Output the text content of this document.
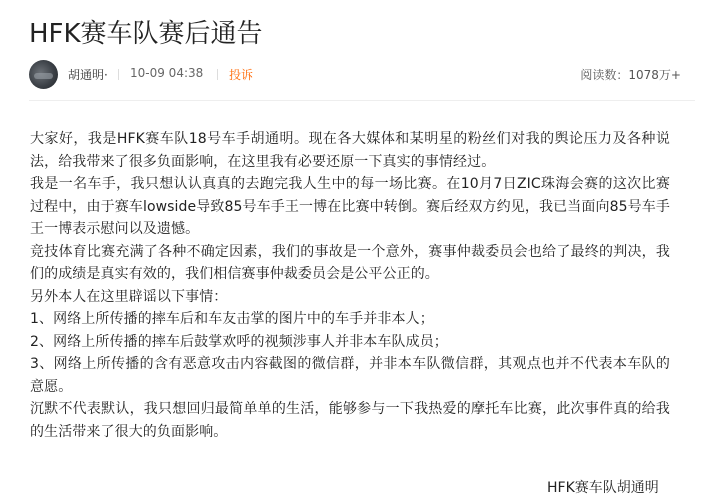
HFK赛车队赛后通告
胡通明· 10-09 04:38 投诉	阅读数：1078万+

大家好，我是HFK赛车队18号车手胡通明。现在各大媒体和某明星的粉丝们对我的舆论压力及各种说法，给我带来了很多负面影响，在这里我有必要还原一下真实的事情经过。

我是一名车手，我只想认认真真的去跑完我人生中的每一场比赛。在10月7日ZIC珠海会赛的这次比赛过程中，由于赛车lowside导致85号车手王一博在比赛中转倒。赛后经双方约见，我已当面向85号车手王一博表示慰问以及遗憾。

竞技体育比赛充满了各种不确定因素，我们的事故是一个意外，赛事仲裁委员会也给了最终的判决，我们的成绩是真实有效的，我们相信赛事仲裁委员会是公平公正的。

另外本人在这里辟谣以下事情：

1、网络上所传播的摔车后和车友击掌的图片中的车手并非本人；

2、网络上所传播的摔车后鼓掌欢呼的视频涉事人并非本车队成员；

3、网络上所传播的含有恶意攻击内容截图的微信群，并非本车队微信群，其观点也并不代表本车队的意愿。

沉默不代表默认，我只想回归最简单单的生活，能够参与一下我热爱的摩托车比赛，此次事件真的给我的生活带来了很大的负面影响。

HFK赛车队胡通明
